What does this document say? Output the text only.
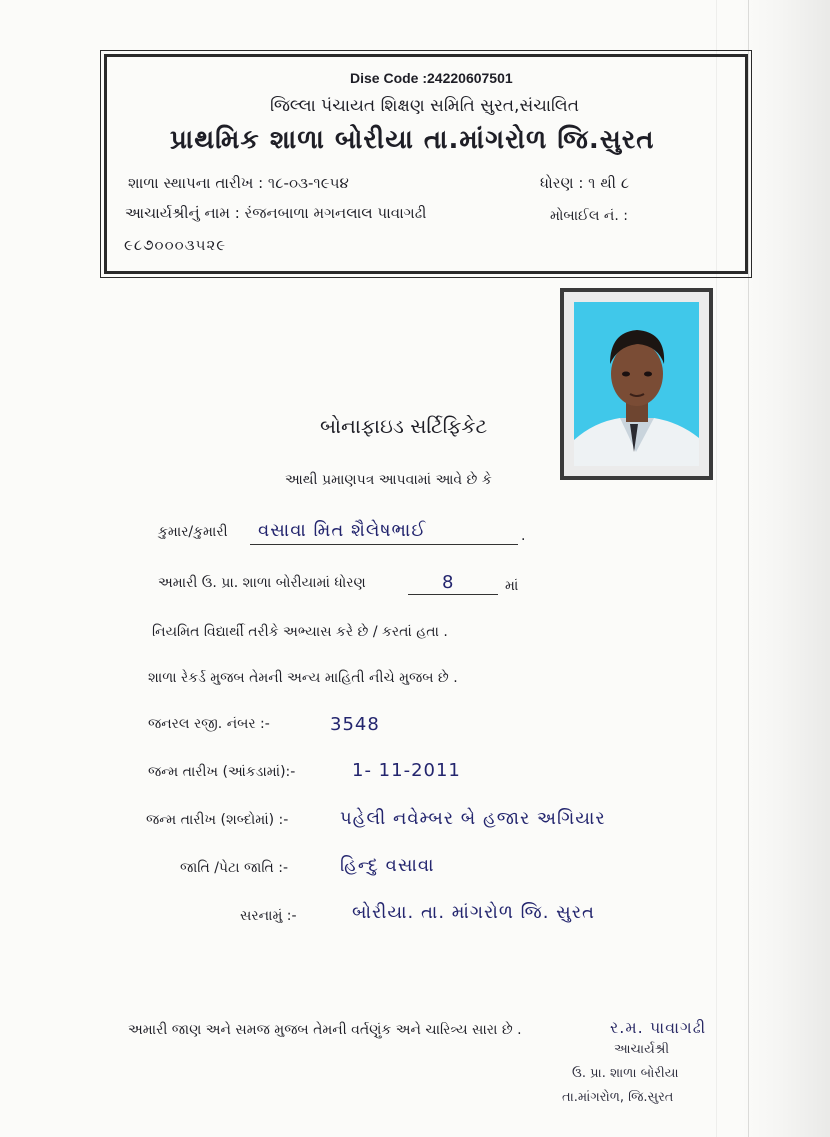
Dise Code :24220607501
જિલ્લા પંચાયત શિક્ષણ સમિતિ સુરત,સંચાલિત
પ્રાથમિક શાળા બોરીયા તા.માંગરોળ જિ.સુરત
શાળા સ્થાપના તારીખ : ૧૮-૦૩-૧૯૫૪	ધોરણ : ૧ થી ૮
આચાર્યશ્રીનું નામ : રંજનબાળા મગનલાલ પાવાગઢી	મોબાઈલ નં. :
૯૮૭૦૦૦૩૫૨૯
બોનાફાઇડ સર્ટિફિકેટ
આથી પ્રમાણપત્ર આપવામાં આવે છે કે
કુમાર/કુમારી વસાવા મિત શૈલેષભાઈ	.
અમારી ઉ. પ્રા. શાળા બોરીયામાં ધોરણ	8	માં
નિયમિત વિદ્યાર્થી તરીકે અભ્યાસ કરે છે / કરતાં હતા .
શાળા રેકર્ડ મુજબ તેમની અન્ય માહિતી નીચે મુજબ છે .
જનરલ રજી. નંબર :-	3548
જન્મ તારીખ (આંકડામાં):-	1- 11-2011
જન્મ તારીખ (શબ્દોમાં) :-	પહેલી નવેમ્બર બે હજાર અગિયાર
જાતિ /પેટા જાતિ :-	હિન્દુ વસાવા
સરનામું :-	બોરીયા. તા. માંગરોળ જિ. સુરત
અમારી જાણ અને સમજ મુજબ તેમની વર્તણુંક અને ચારિત્ર્ય સારા છે .	ર.મ. પાવાગઢી
આચાર્યશ્રી
ઉ. પ્રા. શાળા બોરીયા
તા.માંગરોળ, જિ.સુરત
